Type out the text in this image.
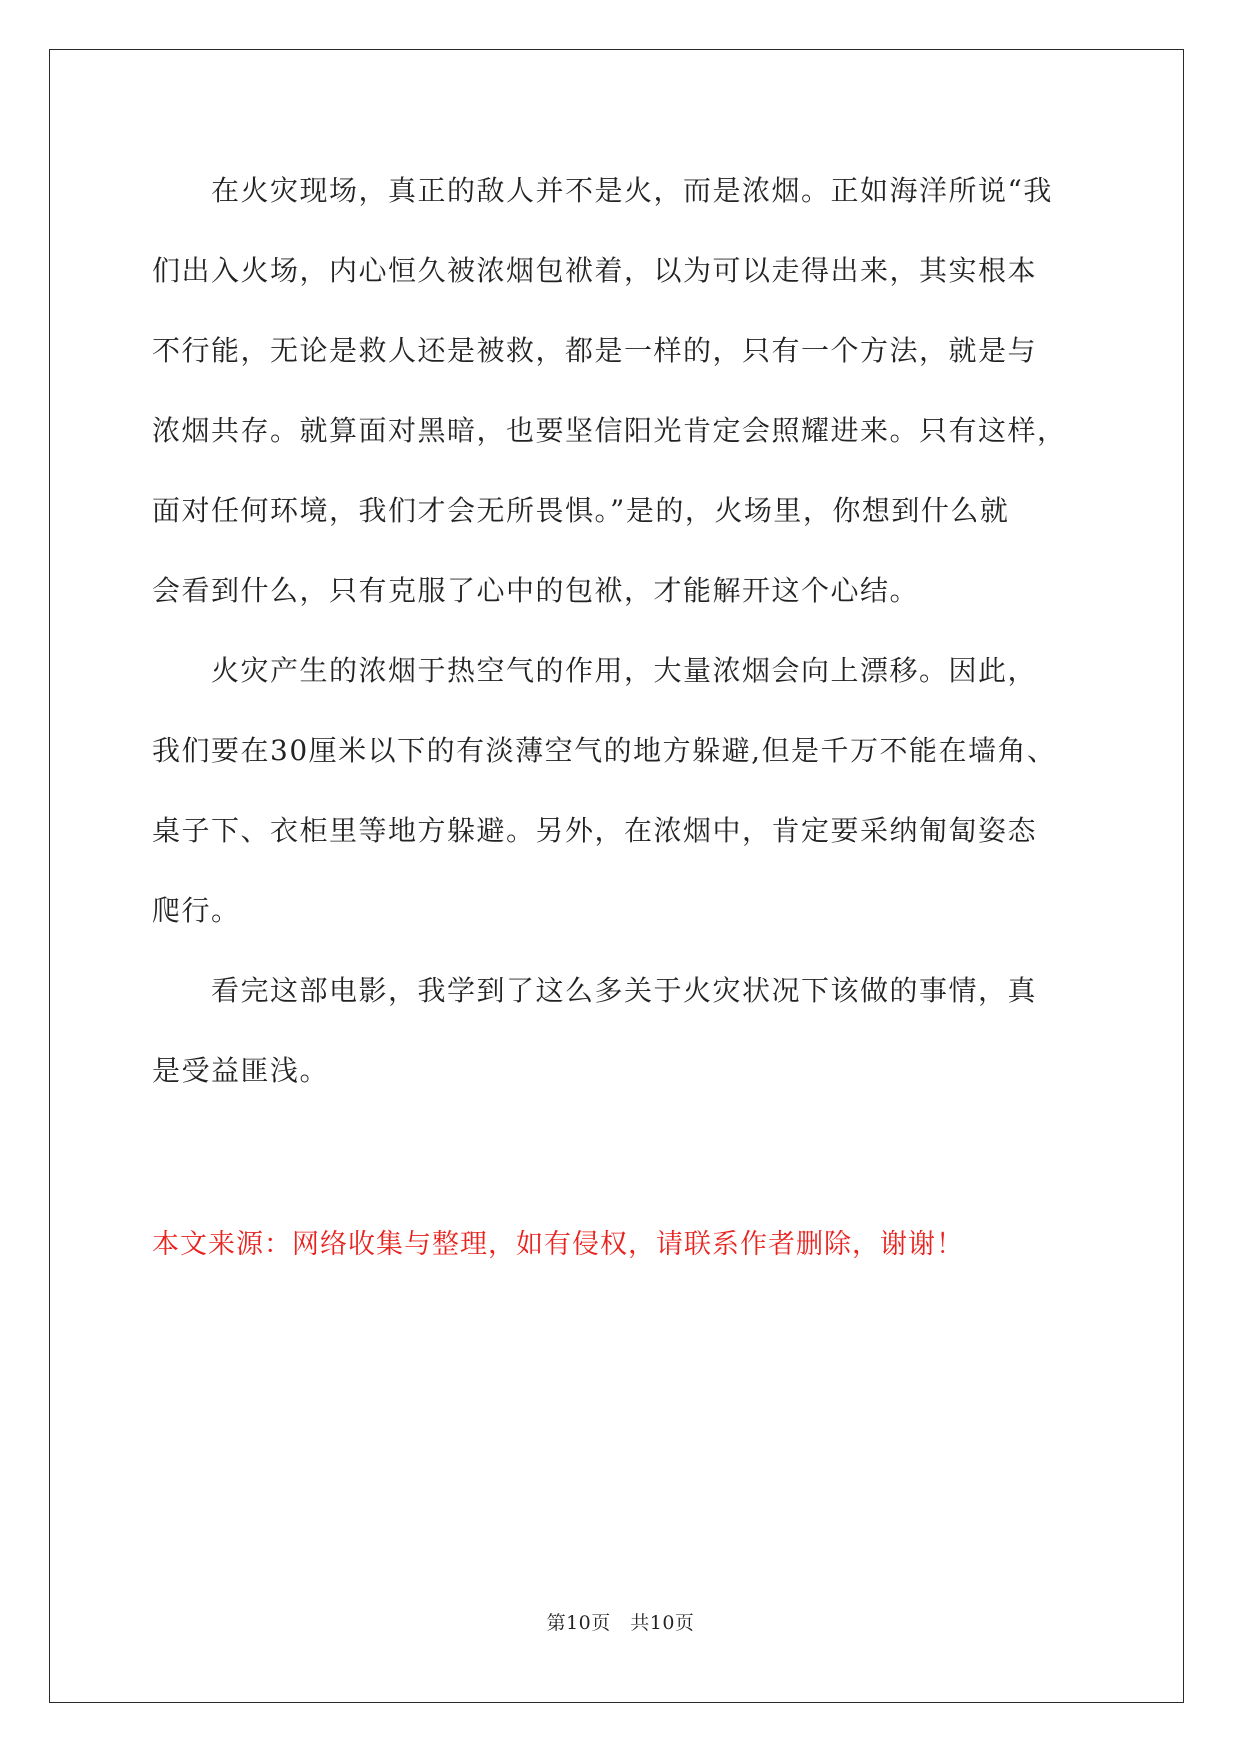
　　在火灾现场，真正的敌人并不是火，而是浓烟。正如海洋所说“我
们出入火场，内心恒久被浓烟包袱着，以为可以走得出来，其实根本
不行能，无论是救人还是被救，都是一样的，只有一个方法，就是与
浓烟共存。就算面对黑暗，也要坚信阳光肯定会照耀进来。只有这样，
面对任何环境，我们才会无所畏惧。”是的，火场里，你想到什么就
会看到什么，只有克服了心中的包袱，才能解开这个心结。
　　火灾产生的浓烟于热空气的作用，大量浓烟会向上漂移。因此，
我们要在30厘米以下的有淡薄空气的地方躲避,但是千万不能在墙角、
桌子下、衣柜里等地方躲避。另外，在浓烟中，肯定要采纳匍匐姿态
爬行。
　　看完这部电影，我学到了这么多关于火灾状况下该做的事情，真
是受益匪浅。
本文来源：网络收集与整理，如有侵权，请联系作者删除，谢谢！
第10页　共10页
